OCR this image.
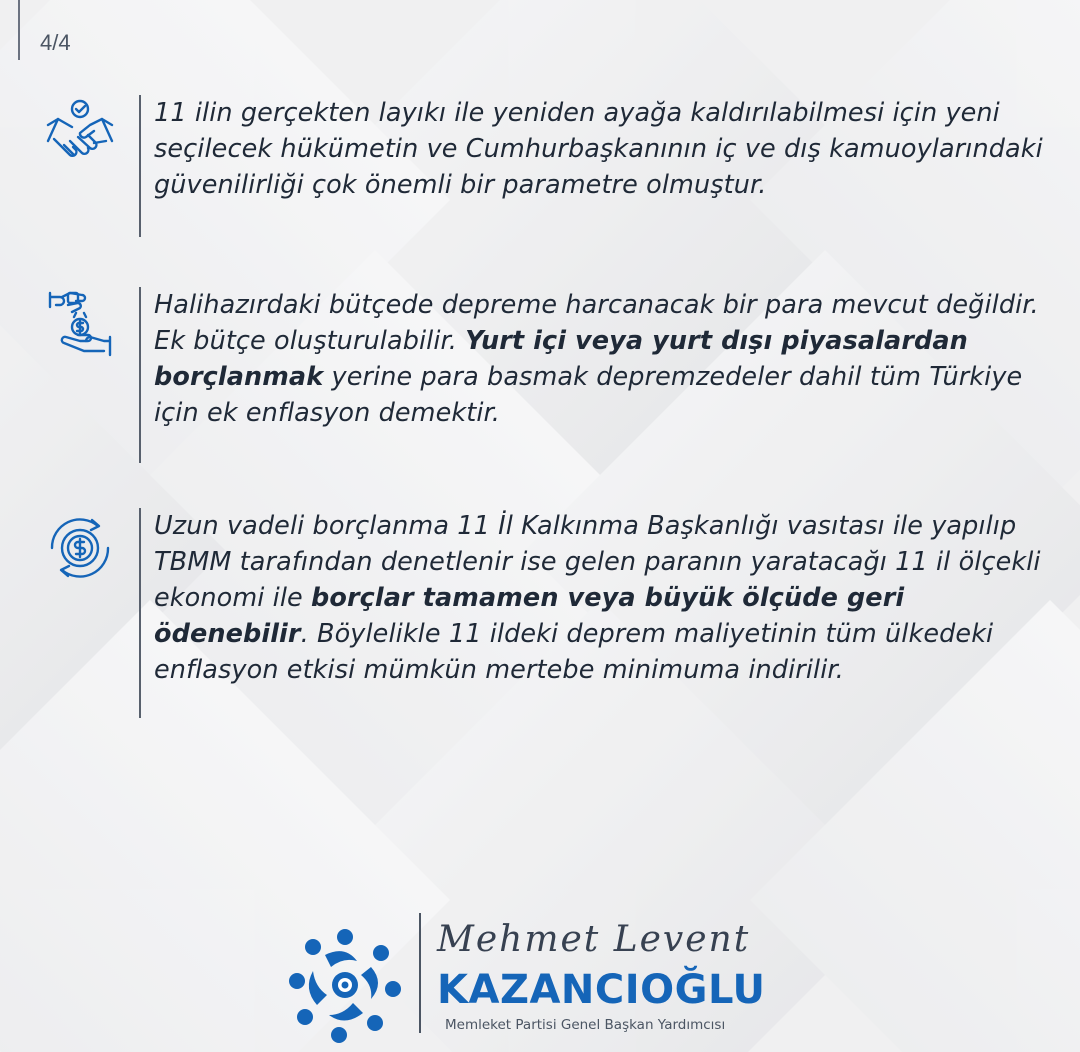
4/4

11 ilin gerçekten layıkı ile yeniden ayağa kaldırılabilmesi için yeni seçilecek hükümetin ve Cumhurbaşkanının iç ve dış kamuoylarındaki güvenilirliği çok önemli bir parametre olmuştur.

Halihazırdaki bütçede depreme harcanacak bir para mevcut değildir. Ek bütçe oluşturulabilir. Yurt içi veya yurt dışı piyasalardan borçlanmak yerine para basmak depremzedeler dahil tüm Türkiye için ek enflasyon demektir.

Uzun vadeli borçlanma 11 İl Kalkınma Başkanlığı vasıtası ile yapılıp TBMM tarafından denetlenir ise gelen paranın yaratacağı 11 il ölçekli ekonomi ile borçlar tamamen veya büyük ölçüde geri ödenebilir. Böylelikle 11 ildeki deprem maliyetinin tüm ülkedeki enflasyon etkisi mümkün mertebe minimuma indirilir.

Mehmet Levent
KAZANCIOĞLU
Memleket Partisi Genel Başkan Yardımcısı
